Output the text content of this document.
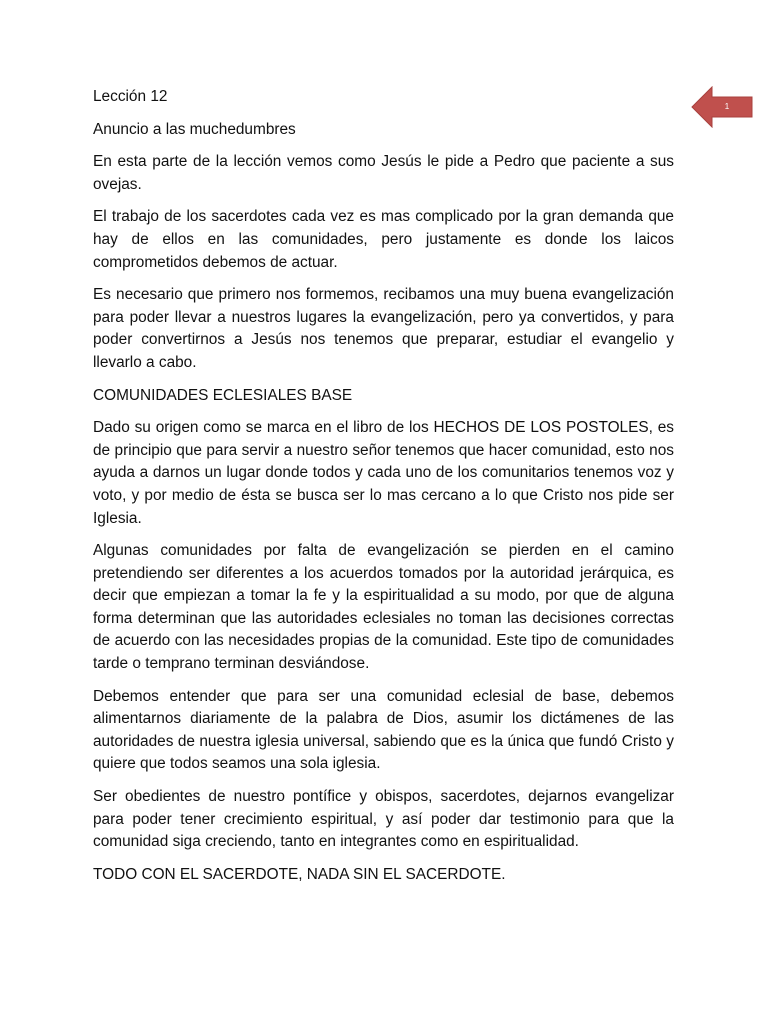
1

Lección 12

Anuncio a las muchedumbres

En esta parte de la lección vemos como Jesús le pide a Pedro que paciente a sus ovejas.

El trabajo de los sacerdotes cada vez es mas complicado por la gran demanda que hay de ellos en las comunidades, pero justamente es donde los laicos comprometidos debemos de actuar.

Es necesario que primero nos formemos, recibamos una muy buena evangelización para poder llevar a nuestros lugares la evangelización, pero ya convertidos, y para poder convertirnos a Jesús nos tenemos que preparar, estudiar el evangelio y llevarlo a cabo.

COMUNIDADES ECLESIALES BASE

Dado su origen como se marca en el libro de los HECHOS DE LOS POSTOLES, es de principio que para servir a nuestro señor tenemos que hacer comunidad, esto nos ayuda a darnos un lugar donde todos y cada uno de los comunitarios tenemos voz y voto, y por medio de ésta se busca ser lo mas cercano a lo que Cristo nos pide ser Iglesia.

Algunas comunidades por falta de evangelización se pierden en el camino pretendiendo ser diferentes a los acuerdos tomados por la autoridad jerárquica, es decir que empiezan a tomar la fe y la espiritualidad a su modo, por que de alguna forma determinan que las autoridades eclesiales no toman las decisiones correctas de acuerdo con las necesidades propias de la comunidad. Este tipo de comunidades tarde o temprano terminan desviándose.

Debemos entender que para ser una comunidad eclesial de base, debemos alimentarnos diariamente de la palabra de Dios, asumir los dictámenes de las autoridades de nuestra iglesia universal, sabiendo que es la única que fundó Cristo y quiere que todos seamos una sola iglesia.

Ser obedientes de nuestro pontífice y obispos, sacerdotes, dejarnos evangelizar para poder tener crecimiento espiritual, y así poder dar testimonio para que la comunidad siga creciendo, tanto en integrantes como en espiritualidad.

TODO CON EL SACERDOTE, NADA SIN EL SACERDOTE.
